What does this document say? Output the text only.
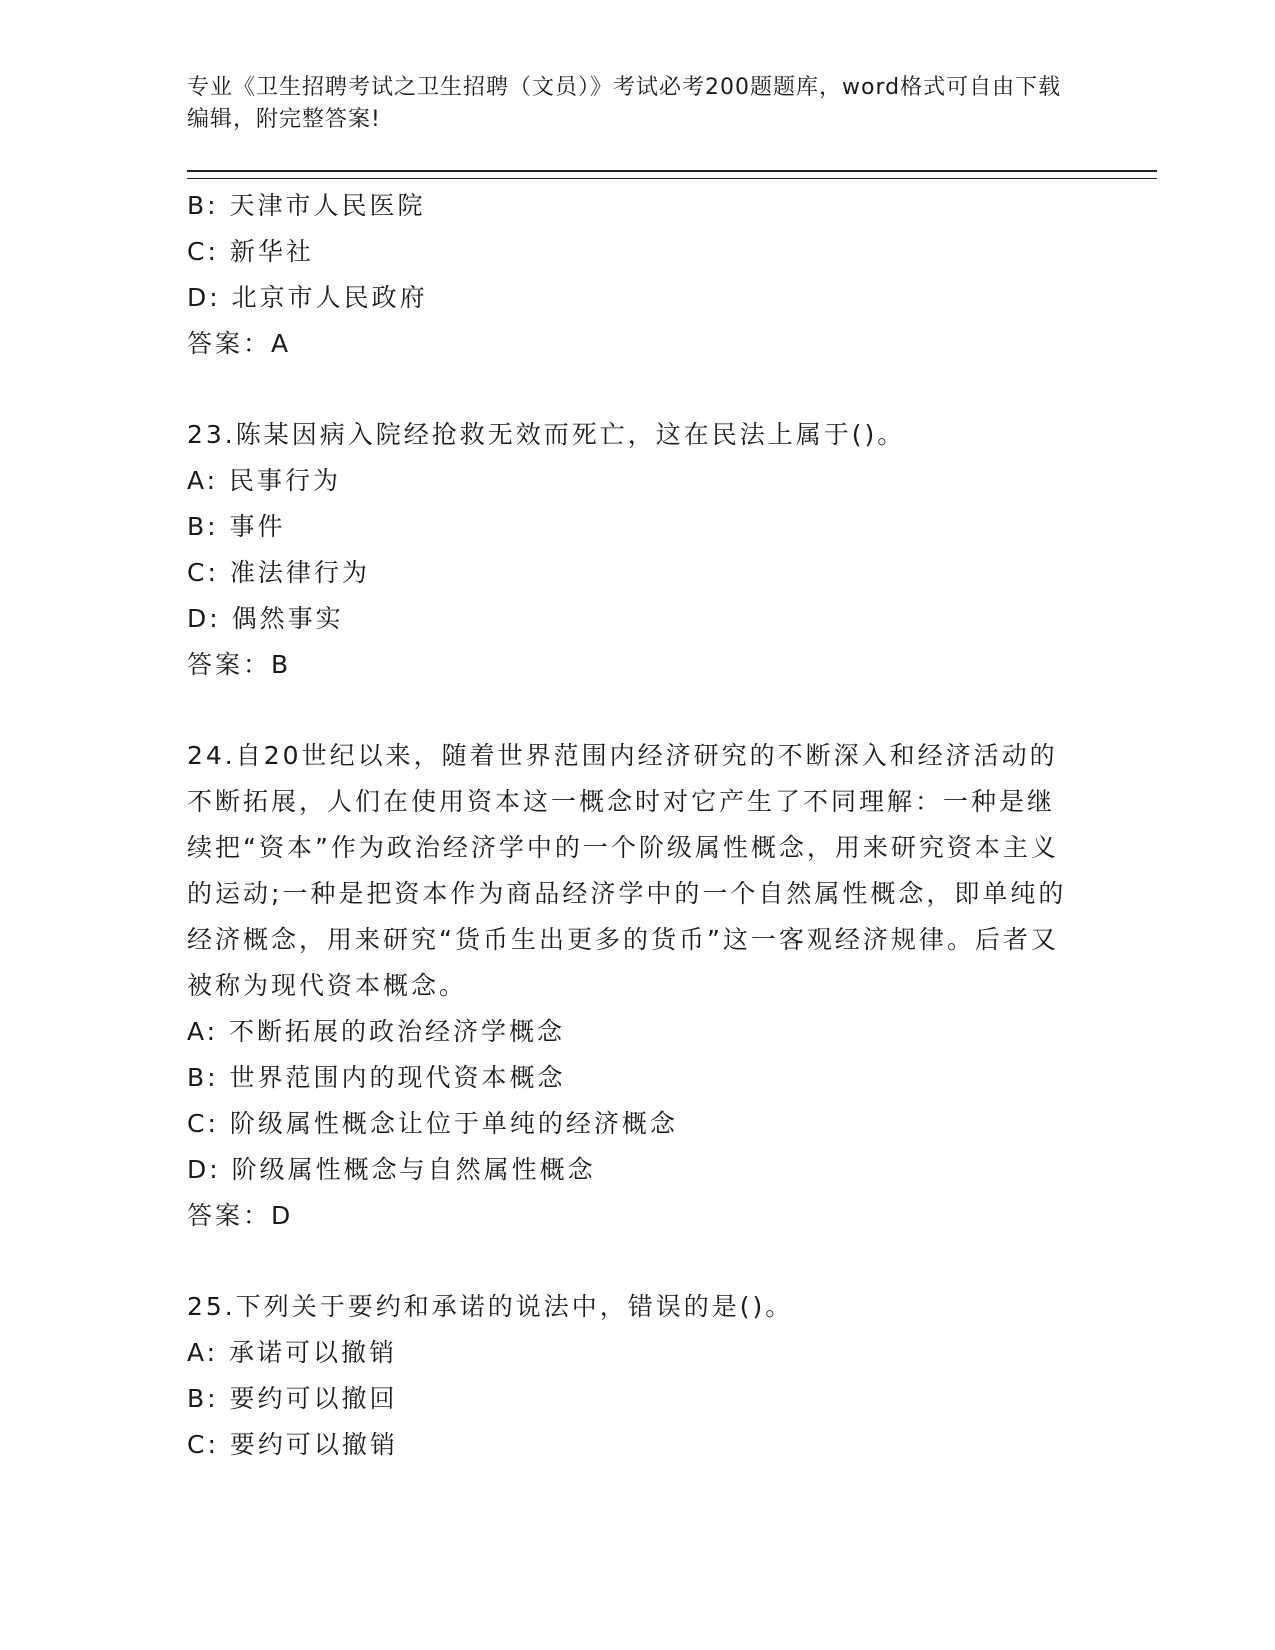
专业《卫生招聘考试之卫生招聘（文员）》考试必考200题题库，word格式可自由下载编辑，附完整答案!

B: 天津市人民医院
C: 新华社
D: 北京市人民政府
答案：A
23.陈某因病入院经抢救无效而死亡，这在民法上属于()。
A: 民事行为
B: 事件
C: 准法律行为
D: 偶然事实
答案：B
24.自20世纪以来，随着世界范围内经济研究的不断深入和经济活动的不断拓展，人们在使用资本这一概念时对它产生了不同理解：一种是继续把“资本”作为政治经济学中的一个阶级属性概念，用来研究资本主义的运动;一种是把资本作为商品经济学中的一个自然属性概念，即单纯的经济概念，用来研究“货币生出更多的货币”这一客观经济规律。后者又被称为现代资本概念。
A: 不断拓展的政治经济学概念
B: 世界范围内的现代资本概念
C: 阶级属性概念让位于单纯的经济概念
D: 阶级属性概念与自然属性概念
答案：D
25.下列关于要约和承诺的说法中，错误的是()。
A: 承诺可以撤销
B: 要约可以撤回
C: 要约可以撤销
